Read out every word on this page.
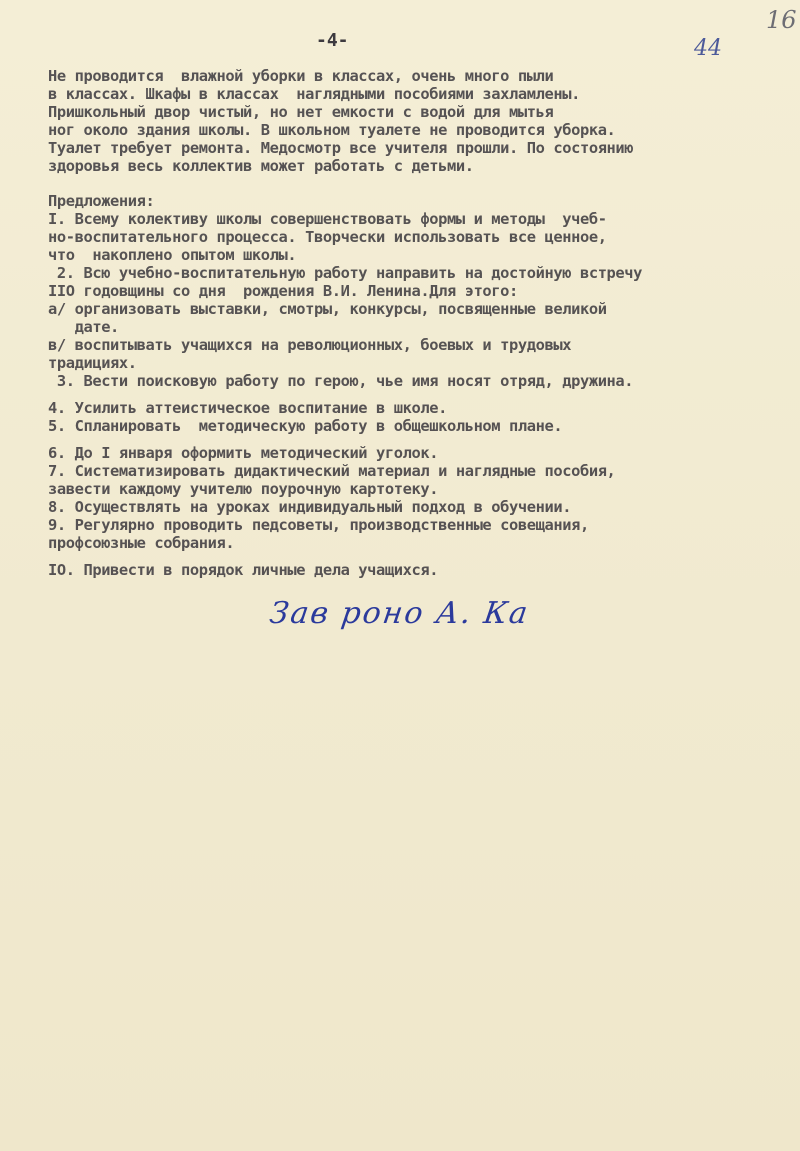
-4-
16
44
Не проводится  влажной уборки в классах, очень много пыли
в классах. Шкафы в классах  наглядными пособиями захламлены.
Пришкольный двор чистый, но нет емкости с водой для мытья
ног около здания школы. В школьном туалете не проводится уборка.
Туалет требует ремонта. Медосмотр все учителя прошли. По состоянию
здоровья весь коллектив может работать с детьми.
Предложения:
I. Всему колективу школы совершенствовать формы и методы  учеб-
но-воспитательного процесса. Творчески использовать все ценное,
что  накоплено опытом школы.
2. Всю учебно-воспитательную работу направить на достойную встречу
IIO годовщины со дня  рождения В.И. Ленина.Для этого:
а/ организовать выставки, смотры, конкурсы, посвященные великой
дате.
в/ воспитывать учащихся на революционных, боевых и трудовых
традициях.
3. Вести поисковую работу по герою, чье имя носят отряд, дружина.
4. Усилить аттеистическое воспитание в школе.
5. Спланировать  методическую работу в общешкольном плане.
6. До I января оформить методический уголок.
7. Систематизировать дидактический материал и наглядные пособия,
завести каждому учителю поурочную картотеку.
8. Осуществлять на уроках индивидуальный подход в обучении.
9. Регулярно проводить педсоветы, производственные совещания,
профсоюзные собрания.
IO. Привести в порядок личные дела учащихся.
Зав роно А. Ка
